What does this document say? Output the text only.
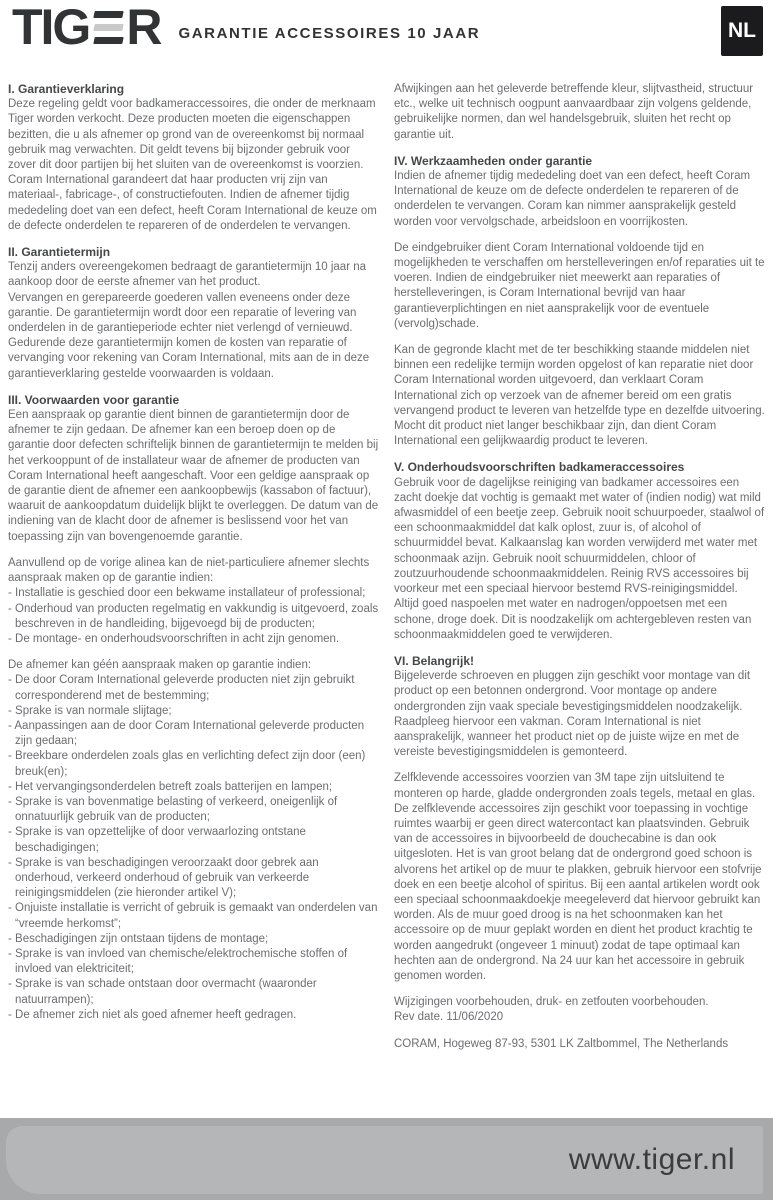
TIG R GARANTIE ACCESSOIRES 10 JAAR	NL
I. Garantieverklaring

Deze regeling geldt voor badkameraccessoires, die onder de merknaam Tiger worden verkocht. Deze producten moeten die eigenschappen bezitten, die u als afnemer op grond van de overeenkomst bij normaal gebruik mag verwachten. Dit geldt tevens bij bijzonder gebruik voor zover dit door partijen bij het sluiten van de overeenkomst is voorzien. Coram International garandeert dat haar producten vrij zijn van materiaal-, fabricage-, of constructiefouten. Indien de afnemer tijdig mededeling doet van een defect, heeft Coram International de keuze om de defecte onderdelen te repareren of de onderdelen te vervangen.

II. Garantietermijn

Tenzij anders overeengekomen bedraagt de garantietermijn 10 jaar na aankoop door de eerste afnemer van het product.

Vervangen en gerepareerde goederen vallen eveneens onder deze garantie. De garantietermijn wordt door een reparatie of levering van onderdelen in de garantieperiode echter niet verlengd of vernieuwd.

Gedurende deze garantietermijn komen de kosten van reparatie of vervanging voor rekening van Coram International, mits aan de in deze garantieverklaring gestelde voorwaarden is voldaan.

III. Voorwaarden voor garantie

Een aanspraak op garantie dient binnen de garantietermijn door de afnemer te zijn gedaan. De afnemer kan een beroep doen op de garantie door defecten schriftelijk binnen de garantietermijn te melden bij het verkooppunt of de installateur waar de afnemer de producten van Coram International heeft aangeschaft. Voor een geldige aanspraak op de garantie dient de afnemer een aankoopbewijs (kassabon of factuur), waaruit de aankoopdatum duidelijk blijkt te overleggen. De datum van de indiening van de klacht door de afnemer is beslissend voor het van toepassing zijn van bovengenoemde garantie.

Aanvullend op de vorige alinea kan de niet-particuliere afnemer slechts aanspraak maken op de garantie indien:

- Installatie is geschied door een bekwame installateur of professional;
- Onderhoud van producten regelmatig en vakkundig is uitgevoerd, zoals beschreven in de handleiding, bijgevoegd bij de producten;
- De montage- en onderhoudsvoorschriften in acht zijn genomen.

De afnemer kan géén aanspraak maken op garantie indien:

- De door Coram International geleverde producten niet zijn gebruikt corresponderend met de bestemming;
- Sprake is van normale slijtage;
- Aanpassingen aan de door Coram International geleverde producten zijn gedaan;
- Breekbare onderdelen zoals glas en verlichting defect zijn door (een) breuk(en);
- Het vervangingsonderdelen betreft zoals batterijen en lampen;
- Sprake is van bovenmatige belasting of verkeerd, oneigenlijk of onnatuurlijk gebruik van de producten;
- Sprake is van opzettelijke of door verwaarlozing ontstane beschadigingen;
- Sprake is van beschadigingen veroorzaakt door gebrek aan onderhoud, verkeerd onderhoud of gebruik van verkeerde reinigingsmiddelen (zie hieronder artikel V);
- Onjuiste installatie is verricht of gebruik is gemaakt van onderdelen van “vreemde herkomst”;
- Beschadigingen zijn ontstaan tijdens de montage;
- Sprake is van invloed van chemische/elektrochemische stoffen of invloed van elektriciteit;
- Sprake is van schade ontstaan door overmacht (waaronder natuurrampen);
- De afnemer zich niet als goed afnemer heeft gedragen.

Afwijkingen aan het geleverde betreffende kleur, slijtvastheid, structuur etc., welke uit technisch oogpunt aanvaardbaar zijn volgens geldende, gebruikelijke normen, dan wel handelsgebruik, sluiten het recht op garantie uit.

IV. Werkzaamheden onder garantie

Indien de afnemer tijdig mededeling doet van een defect, heeft Coram International de keuze om de defecte onderdelen te repareren of de onderdelen te vervangen. Coram kan nimmer aansprakelijk gesteld worden voor vervolgschade, arbeidsloon en voorrijkosten.

De eindgebruiker dient Coram International voldoende tijd en mogelijkheden te verschaffen om herstelleveringen en/of reparaties uit te voeren. Indien de eindgebruiker niet meewerkt aan reparaties of herstelleveringen, is Coram International bevrijd van haar garantieverplichtingen en niet aansprakelijk voor de eventuele (vervolg)schade.

Kan de gegronde klacht met de ter beschikking staande middelen niet binnen een redelijke termijn worden opgelost of kan reparatie niet door Coram International worden uitgevoerd, dan verklaart Coram International zich op verzoek van de afnemer bereid om een gratis vervangend product te leveren van hetzelfde type en dezelfde uitvoering. Mocht dit product niet langer beschikbaar zijn, dan dient Coram International een gelijkwaardig product te leveren.

V. Onderhoudsvoorschriften badkameraccessoires

Gebruik voor de dagelijkse reiniging van badkamer accessoires een zacht doekje dat vochtig is gemaakt met water of (indien nodig) wat mild afwasmiddel of een beetje zeep. Gebruik nooit schuurpoeder, staalwol of een schoonmaakmiddel dat kalk oplost, zuur is, of alcohol of schuurmiddel bevat. Kalkaanslag kan worden verwijderd met water met schoonmaak azijn. Gebruik nooit schuurmiddelen, chloor of zoutzuurhoudende schoonmaakmiddelen. Reinig RVS accessoires bij voorkeur met een speciaal hiervoor bestemd RVS-reinigingsmiddel. Altijd goed naspoelen met water en nadrogen/oppoetsen met een schone, droge doek. Dit is noodzakelijk om achtergebleven resten van schoonmaakmiddelen goed te verwijderen.

VI. Belangrijk!

Bijgeleverde schroeven en pluggen zijn geschikt voor montage van dit product op een betonnen ondergrond. Voor montage op andere ondergronden zijn vaak speciale bevestigingsmiddelen noodzakelijk. Raadpleeg hiervoor een vakman. Coram International is niet aansprakelijk, wanneer het product niet op de juiste wijze en met de vereiste bevestigingsmiddelen is gemonteerd.

Zelfklevende accessoires voorzien van 3M tape zijn uitsluitend te monteren op harde, gladde ondergronden zoals tegels, metaal en glas. De zelfklevende accessoires zijn geschikt voor toepassing in vochtige ruimtes waarbij er geen direct watercontact kan plaatsvinden. Gebruik van de accessoires in bijvoorbeeld de douchecabine is dan ook uitgesloten. Het is van groot belang dat de ondergrond goed schoon is alvorens het artikel op de muur te plakken, gebruik hiervoor een stofvrije doek en een beetje alcohol of spiritus. Bij een aantal artikelen wordt ook een speciaal schoonmaakdoekje meegeleverd dat hiervoor gebruikt kan worden. Als de muur goed droog is na het schoonmaken kan het accessoire op de muur geplakt worden en dient het product krachtig te worden aangedrukt (ongeveer 1 minuut) zodat de tape optimaal kan hechten aan de ondergrond. Na 24 uur kan het accessoire in gebruik genomen worden.

Wijzigingen voorbehouden, druk- en zetfouten voorbehouden.

Rev date. 11/06/2020

CORAM, Hogeweg 87-93, 5301 LK Zaltbommel, The Netherlands

www.tiger.nl
